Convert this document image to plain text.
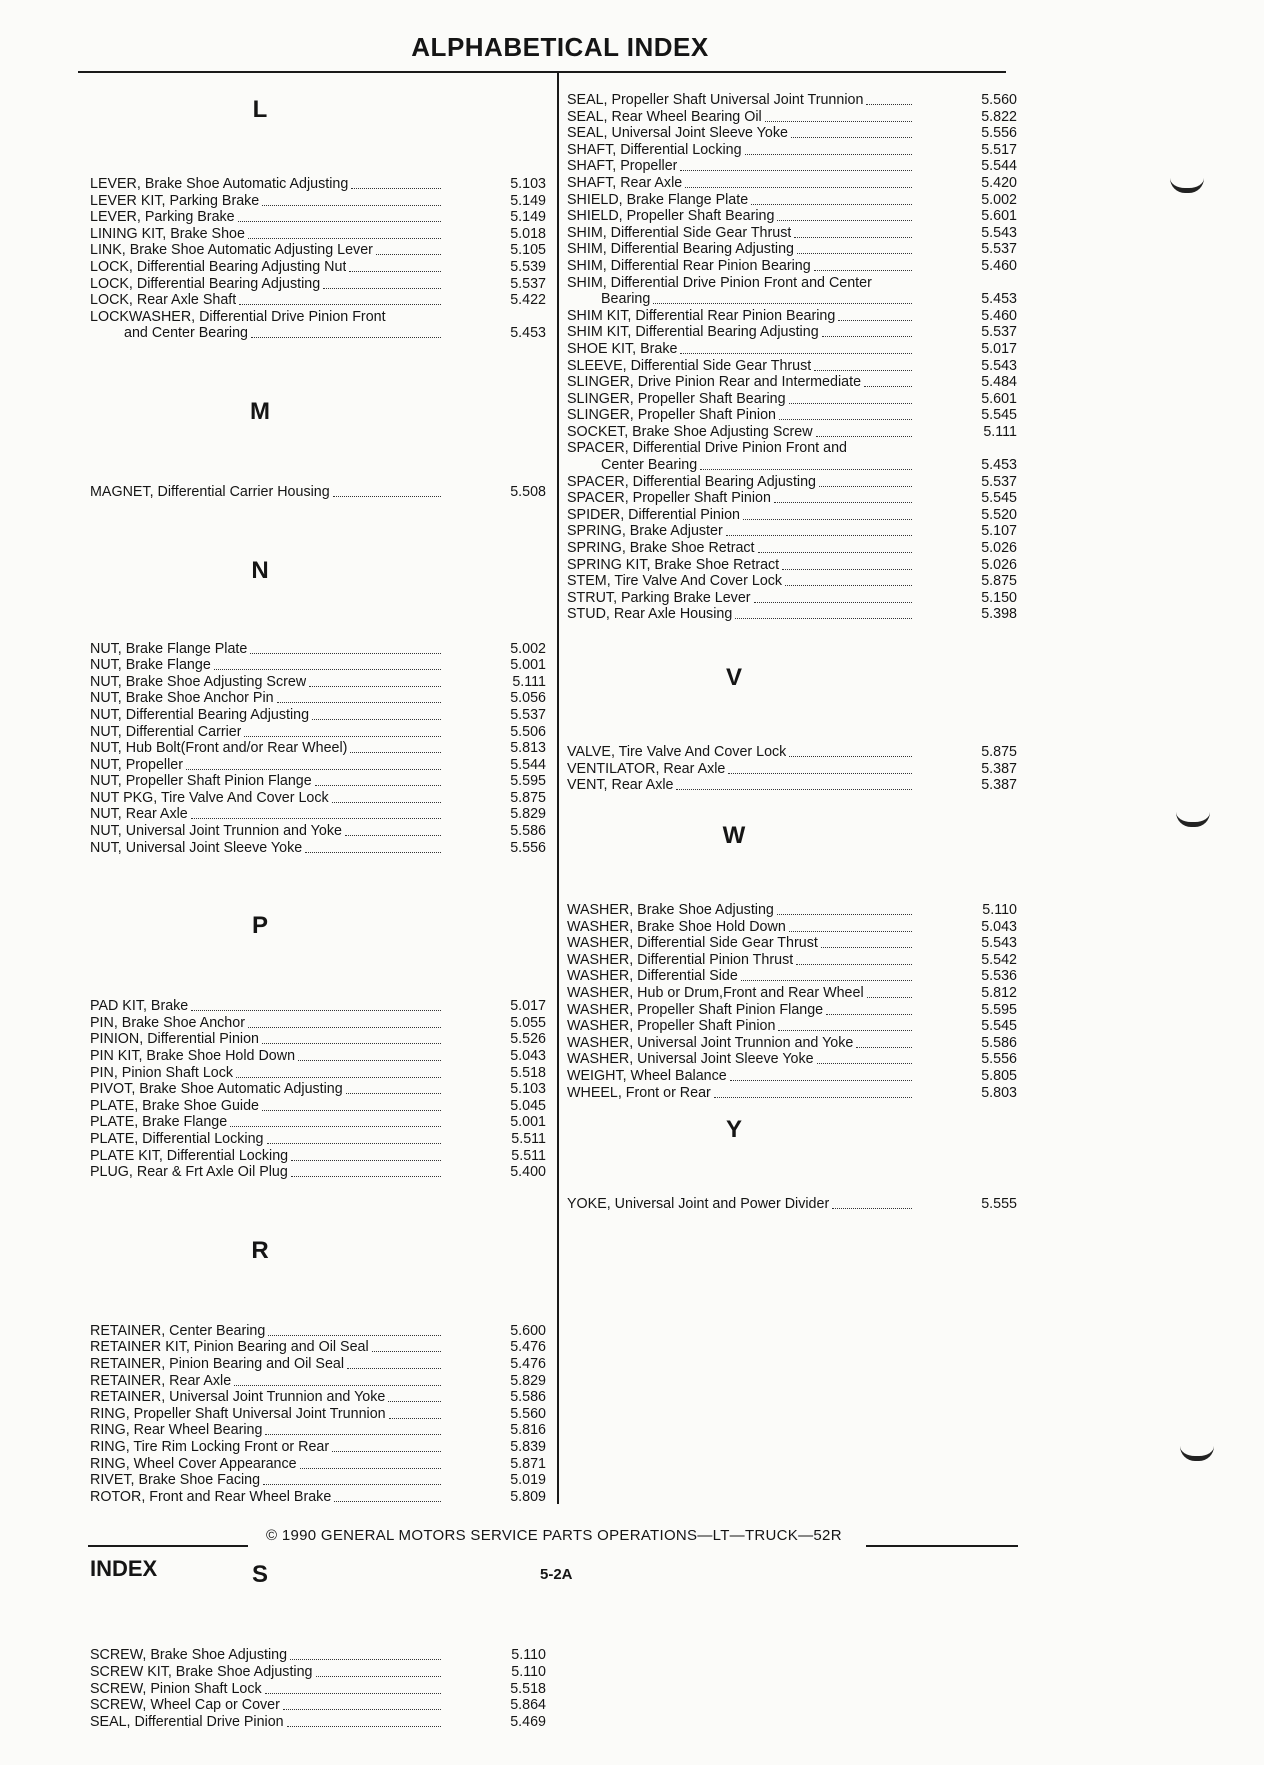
ALPHABETICAL INDEX
L
LEVER, Brake Shoe Automatic Adjusting	5.103
LEVER KIT, Parking Brake	5.149
LEVER, Parking Brake	5.149
LINING KIT, Brake Shoe	5.018
LINK, Brake Shoe Automatic Adjusting Lever	5.105
LOCK, Differential Bearing Adjusting Nut	5.539
LOCK, Differential Bearing Adjusting	5.537
LOCK, Rear Axle Shaft	5.422
LOCKWASHER, Differential Drive Pinion Front
and Center Bearing	5.453
M
MAGNET, Differential Carrier Housing	5.508
N
NUT, Brake Flange Plate	5.002
NUT, Brake Flange	5.001
NUT, Brake Shoe Adjusting Screw	5.111
NUT, Brake Shoe Anchor Pin	5.056
NUT, Differential Bearing Adjusting	5.537
NUT, Differential Carrier	5.506
NUT, Hub Bolt(Front and/or Rear Wheel)	5.813
NUT, Propeller	5.544
NUT, Propeller Shaft Pinion Flange	5.595
NUT PKG, Tire Valve And Cover Lock	5.875
NUT, Rear Axle	5.829
NUT, Universal Joint Trunnion and Yoke	5.586
NUT, Universal Joint Sleeve Yoke	5.556
P
PAD KIT, Brake	5.017
PIN, Brake Shoe Anchor	5.055
PINION, Differential Pinion	5.526
PIN KIT, Brake Shoe Hold Down	5.043
PIN, Pinion Shaft Lock	5.518
PIVOT, Brake Shoe Automatic Adjusting	5.103
PLATE, Brake Shoe Guide	5.045
PLATE, Brake Flange	5.001
PLATE, Differential Locking	5.511
PLATE KIT, Differential Locking	5.511
PLUG, Rear & Frt Axle Oil Plug	5.400
R
RETAINER, Center Bearing	5.600
RETAINER KIT, Pinion Bearing and Oil Seal	5.476
RETAINER, Pinion Bearing and Oil Seal	5.476
RETAINER, Rear Axle	5.829
RETAINER, Universal Joint Trunnion and Yoke	5.586
RING, Propeller Shaft Universal Joint Trunnion	5.560
RING, Rear Wheel Bearing	5.816
RING, Tire Rim Locking Front or Rear	5.839
RING, Wheel Cover Appearance	5.871
RIVET, Brake Shoe Facing	5.019
ROTOR, Front and Rear Wheel Brake	5.809
S
SCREW, Brake Shoe Adjusting	5.110
SCREW KIT, Brake Shoe Adjusting	5.110
SCREW, Pinion Shaft Lock	5.518
SCREW, Wheel Cap or Cover	5.864
SEAL, Differential Drive Pinion	5.469
SEAL, Propeller Shaft Universal Joint Trunnion	5.560
SEAL, Rear Wheel Bearing Oil	5.822
SEAL, Universal Joint Sleeve Yoke	5.556
SHAFT, Differential Locking	5.517
SHAFT, Propeller	5.544
SHAFT, Rear Axle	5.420
SHIELD, Brake Flange Plate	5.002
SHIELD, Propeller Shaft Bearing	5.601
SHIM, Differential Side Gear Thrust	5.543
SHIM, Differential Bearing Adjusting	5.537
SHIM, Differential Rear Pinion Bearing	5.460
SHIM, Differential Drive Pinion Front and Center
Bearing	5.453
SHIM KIT, Differential Rear Pinion Bearing	5.460
SHIM KIT, Differential Bearing Adjusting	5.537
SHOE KIT, Brake	5.017
SLEEVE, Differential Side Gear Thrust	5.543
SLINGER, Drive Pinion Rear and Intermediate	5.484
SLINGER, Propeller Shaft Bearing	5.601
SLINGER, Propeller Shaft Pinion	5.545
SOCKET, Brake Shoe Adjusting Screw	5.111
SPACER, Differential Drive Pinion Front and
Center Bearing	5.453
SPACER, Differential Bearing Adjusting	5.537
SPACER, Propeller Shaft Pinion	5.545
SPIDER, Differential Pinion	5.520
SPRING, Brake Adjuster	5.107
SPRING, Brake Shoe Retract	5.026
SPRING KIT, Brake Shoe Retract	5.026
STEM, Tire Valve And Cover Lock	5.875
STRUT, Parking Brake Lever	5.150
STUD, Rear Axle Housing	5.398
V
VALVE, Tire Valve And Cover Lock	5.875
VENTILATOR, Rear Axle	5.387
VENT, Rear Axle	5.387
W
WASHER, Brake Shoe Adjusting	5.110
WASHER, Brake Shoe Hold Down	5.043
WASHER, Differential Side Gear Thrust	5.543
WASHER, Differential Pinion Thrust	5.542
WASHER, Differential Side	5.536
WASHER, Hub or Drum,Front and Rear Wheel	5.812
WASHER, Propeller Shaft Pinion Flange	5.595
WASHER, Propeller Shaft Pinion	5.545
WASHER, Universal Joint Trunnion and Yoke	5.586
WASHER, Universal Joint Sleeve Yoke	5.556
WEIGHT, Wheel Balance	5.805
WHEEL, Front or Rear	5.803
Y
YOKE, Universal Joint and Power Divider	5.555
© 1990 GENERAL MOTORS SERVICE PARTS OPERATIONS—LT—TRUCK—52R
INDEX	5-2A
